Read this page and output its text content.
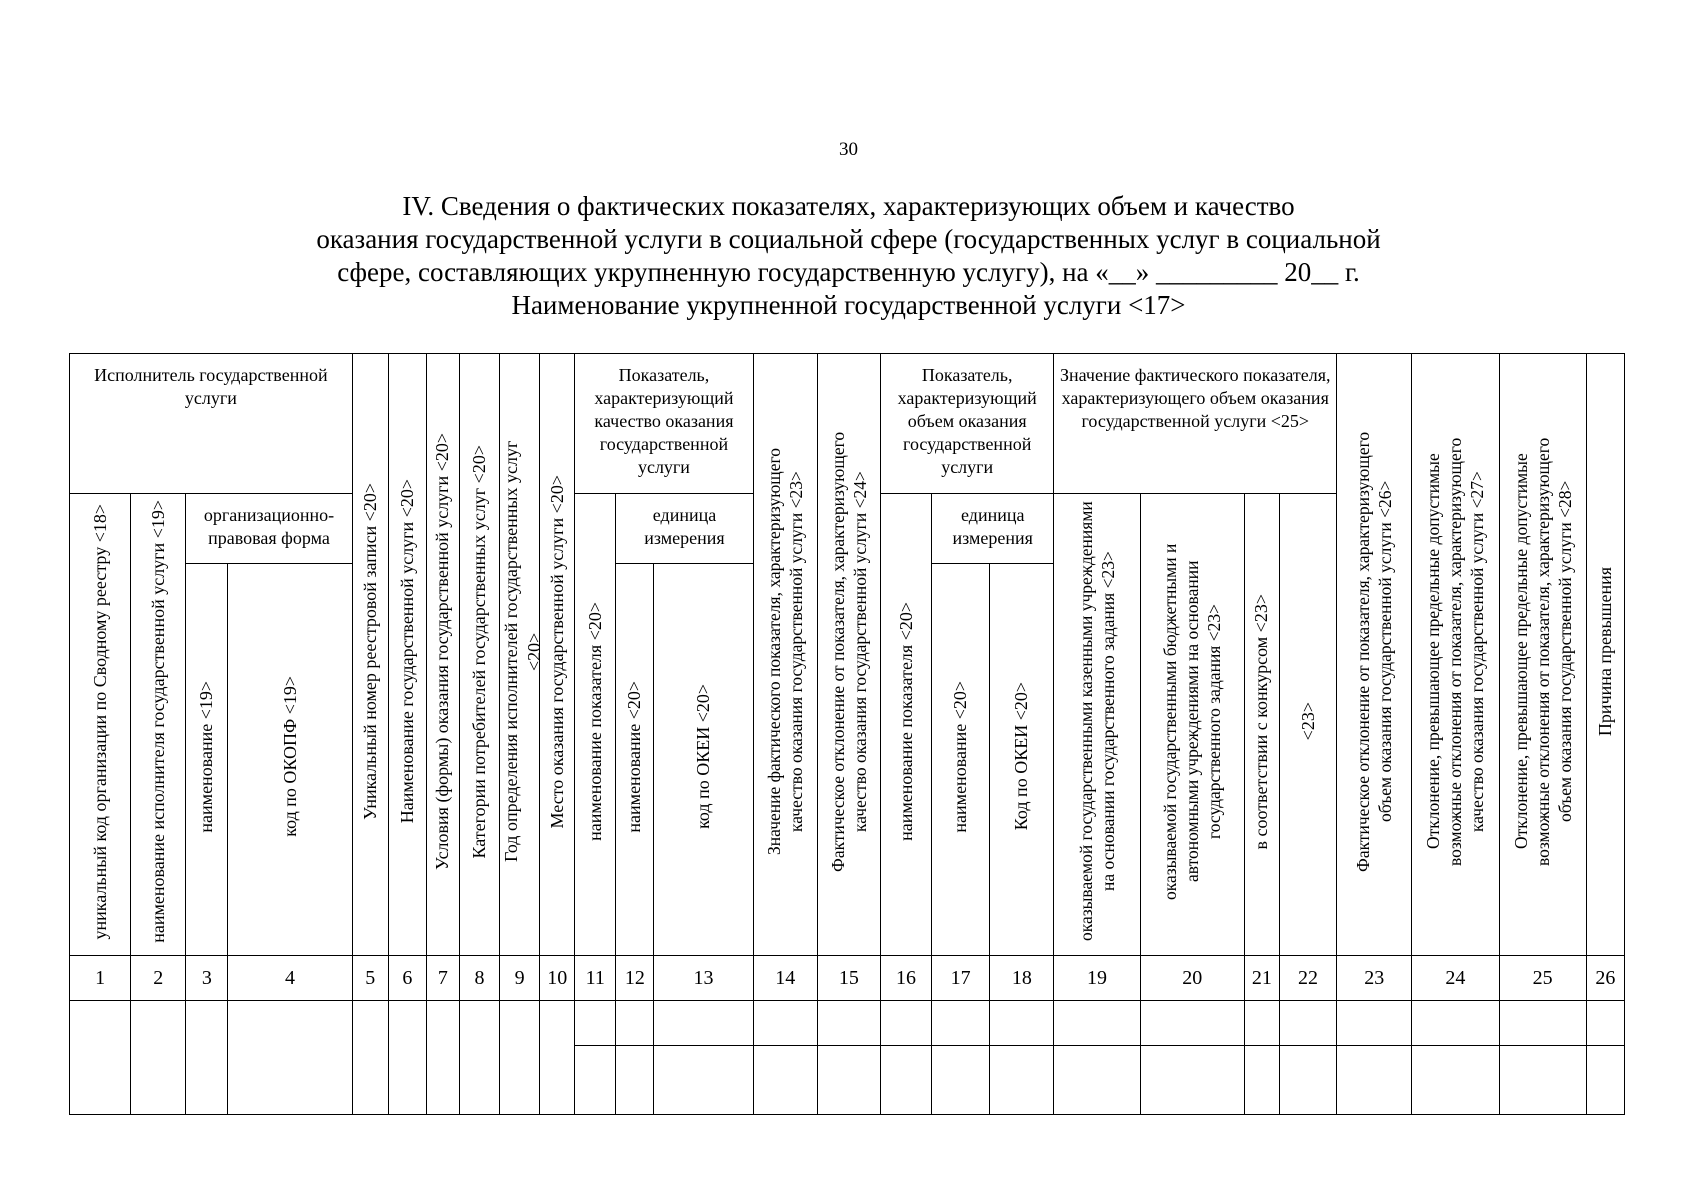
30
IV. Сведения о фактических показателях, характеризующих объем и качество
оказания государственной услуги в социальной сфере (государственных услуг в социальной
сфере, составляющих укрупненную государственную услугу), на «__» _________ 20__ г.
Наименование укрупненной государственной услуги <17>
Исполнитель государственной услуги				Уникальный номер реестровой записи <20>	Наименование государственной услуги <20>	Условия (формы) оказания государственной услуги <20>	Категории потребителей государственных услуг <20>	Год определения исполнителей государственных услуг <20>	Место оказания государственной услуги <20>	Показатель, характеризующий качество оказания государственной услуги			Значение фактического показателя, характеризующего качество оказания государственной услуги <23>	Фактическое отклонение от показателя, характеризующего качество оказания государственной услуги <24>	Показатель, характеризующий объем оказания государственной услуги			Значение фактического показателя, характеризующего объем оказания государственной услуги <25>				Фактическое отклонение от показателя, характеризующего объем оказания государственной услуги <26>	Отклонение, превышающее предельные допустимые возможные отклонения от показателя, характеризующего качество оказания государственной услуги <27>	Отклонение, превышающее предельные допустимые возможные отклонения от показателя, характеризующего объем оказания государственной услуги <28>	Причина превышения
уникальный код организации по Сводному реестру <18>	наименование исполнителя государственной услуги <19>	организационно-правовая форма								наименование показателя <20>	единица измерения				наименование показателя <20>	единица измерения		оказываемой государственными казенными учреждениями на основании государственного задания <23>	оказываемой государственными бюджетными и автономными учреждениями на основании государственного задания <23>	в соответствии с конкурсом <23>	<23>				
		наименование <19>	код по ОКОПФ <19>								наименование <20>	код по ОКЕИ <20>				наименование <20>	Код по ОКЕИ <20>								
1	2	3	4	5	6	7	8	9	10	11	12	13	14	15	16	17	18	19	20	21	22	23	24	25	26
